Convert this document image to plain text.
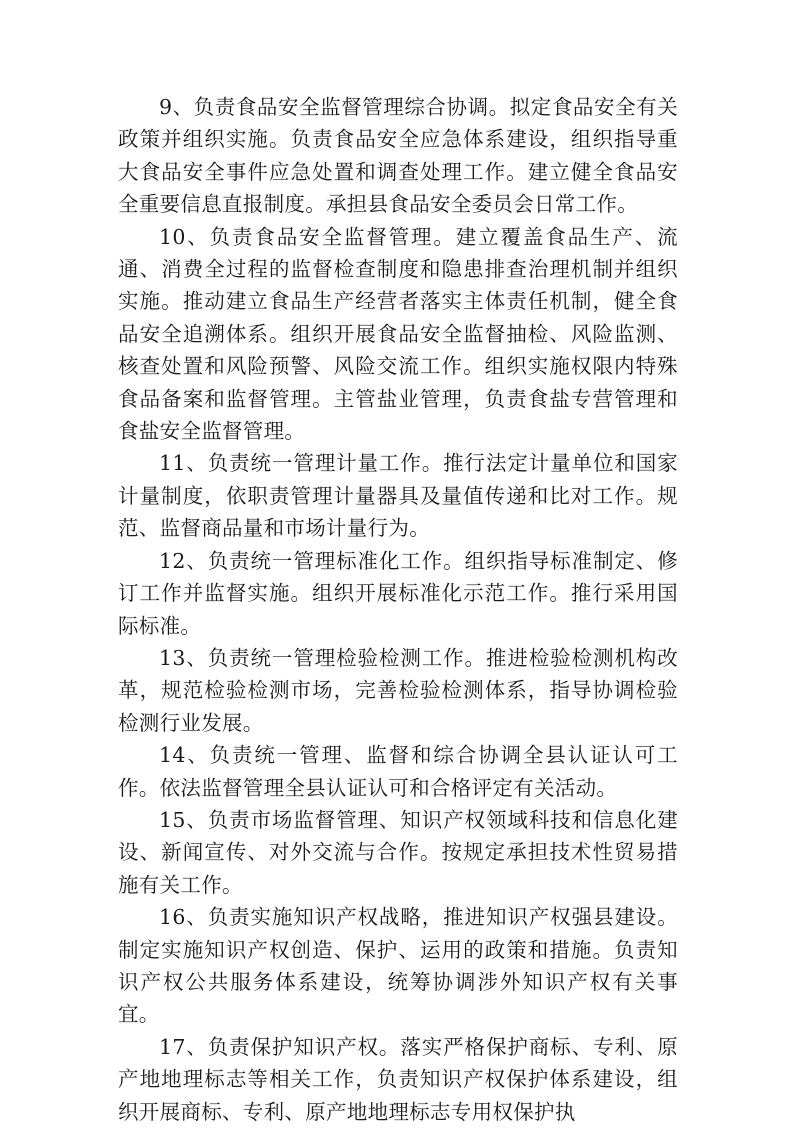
9、负责食品安全监督管理综合协调。拟定食品安全有关政策并组织实施。负责食品安全应急体系建设，组织指导重大食品安全事件应急处置和调查处理工作。建立健全食品安全重要信息直报制度。承担县食品安全委员会日常工作。

10、负责食品安全监督管理。建立覆盖食品生产、流通、消费全过程的监督检查制度和隐患排查治理机制并组织实施。推动建立食品生产经营者落实主体责任机制，健全食品安全追溯体系。组织开展食品安全监督抽检、风险监测、核查处置和风险预警、风险交流工作。组织实施权限内特殊食品备案和监督管理。主管盐业管理，负责食盐专营管理和食盐安全监督管理。

11、负责统一管理计量工作。推行法定计量单位和国家计量制度，依职责管理计量器具及量值传递和比对工作。规范、监督商品量和市场计量行为。

12、负责统一管理标准化工作。组织指导标准制定、修订工作并监督实施。组织开展标准化示范工作。推行采用国际标准。

13、负责统一管理检验检测工作。推进检验检测机构改革，规范检验检测市场，完善检验检测体系，指导协调检验检测行业发展。

14、负责统一管理、监督和综合协调全县认证认可工作。依法监督管理全县认证认可和合格评定有关活动。

15、负责市场监督管理、知识产权领域科技和信息化建设、新闻宣传、对外交流与合作。按规定承担技术性贸易措施有关工作。

16、负责实施知识产权战略，推进知识产权强县建设。制定实施知识产权创造、保护、运用的政策和措施。负责知识产权公共服务体系建设，统筹协调涉外知识产权有关事宜。

17、负责保护知识产权。落实严格保护商标、专利、原产地地理标志等相关工作，负责知识产权保护体系建设，组织开展商标、专利、原产地地理标志专用权保护执
